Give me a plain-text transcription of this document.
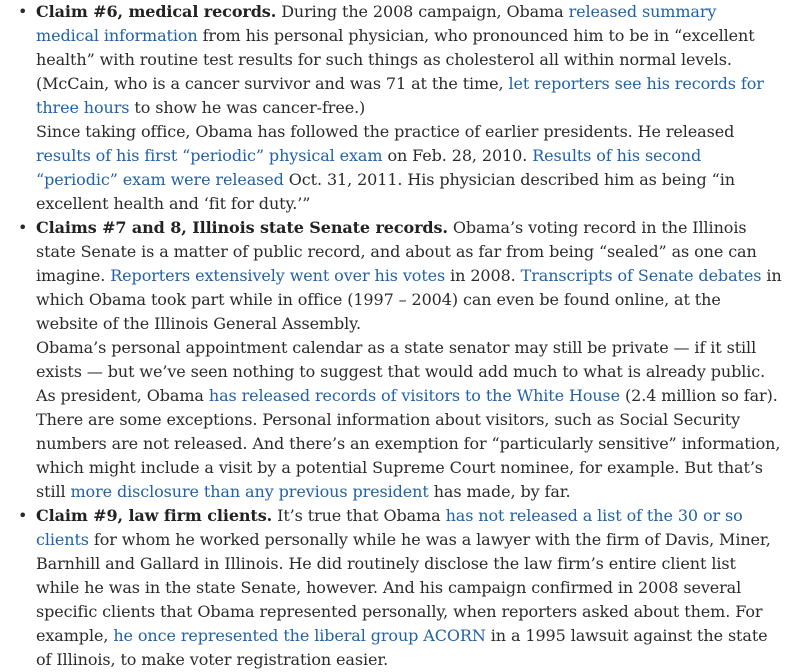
• Claim #6, medical records. During the 2008 campaign, Obama released summary medical information from his personal physician, who pronounced him to be in “excellent health” with routine test results for such things as cholesterol all within normal levels. (McCain, who is a cancer survivor and was 71 at the time, let reporters see his records for three hours to show he was cancer-free.)

Since taking office, Obama has followed the practice of earlier presidents. He released results of his first “periodic” physical exam on Feb. 28, 2010. Results of his second “periodic” exam were released Oct. 31, 2011. His physician described him as being “in excellent health and ‘fit for duty.’”

• Claims #7 and 8, Illinois state Senate records. Obama’s voting record in the Illinois state Senate is a matter of public record, and about as far from being “sealed” as one can imagine. Reporters extensively went over his votes in 2008. Transcripts of Senate debates in which Obama took part while in office (1997 – 2004) can even be found online, at the website of the Illinois General Assembly.

Obama’s personal appointment calendar as a state senator may still be private — if it still exists — but we’ve seen nothing to suggest that would add much to what is already public. As president, Obama has released records of visitors to the White House (2.4 million so far). There are some exceptions. Personal information about visitors, such as Social Security numbers are not released. And there’s an exemption for “particularly sensitive” information, which might include a visit by a potential Supreme Court nominee, for example. But that’s still more disclosure than any previous president has made, by far.

• Claim #9, law firm clients. It’s true that Obama has not released a list of the 30 or so clients for whom he worked personally while he was a lawyer with the firm of Davis, Miner, Barnhill and Gallard in Illinois. He did routinely disclose the law firm’s entire client list while he was in the state Senate, however. And his campaign confirmed in 2008 several specific clients that Obama represented personally, when reporters asked about them. For example, he once represented the liberal group ACORN in a 1995 lawsuit against the state of Illinois, to make voter registration easier.
